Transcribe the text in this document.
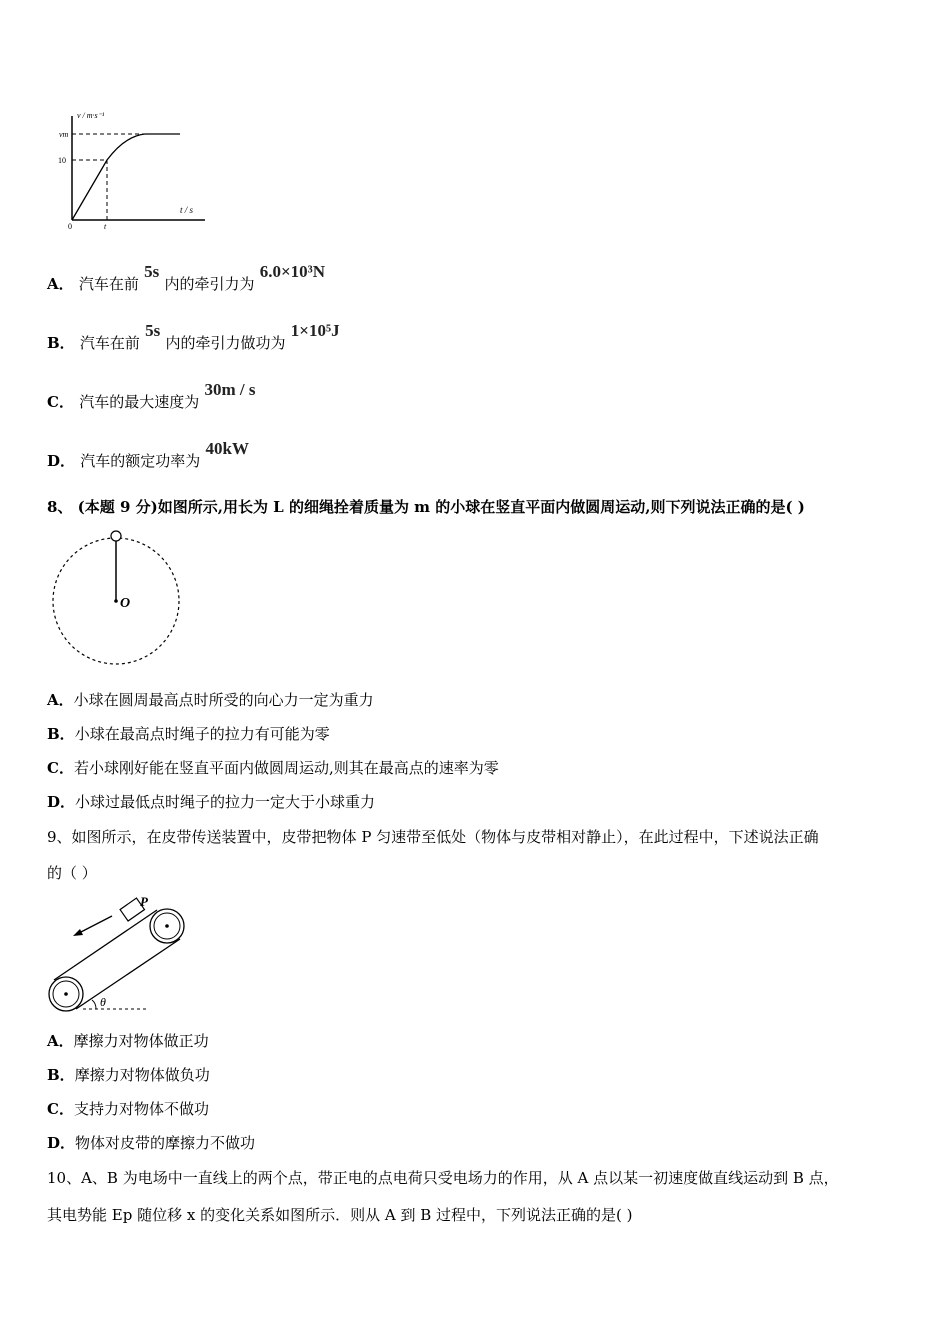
v / m·s⁻¹
vm
10
t / s
0	t
A． 汽车在前 5s 内的牵引力为 6.0×10³N
B． 汽车在前 5s 内的牵引力做功为 1×10⁵J
C． 汽车的最大速度为 30m / s
D． 汽车的额定功率为 40kW
8、 (本题 9 分)如图所示,用长为 L 的细绳拴着质量为 m 的小球在竖直平面内做圆周运动,则下列说法正确的是( )
O
A．小球在圆周最高点时所受的向心力一定为重力
B．小球在最高点时绳子的拉力有可能为零
C．若小球刚好能在竖直平面内做圆周运动,则其在最高点的速率为零
D．小球过最低点时绳子的拉力一定大于小球重力
9、如图所示，在皮带传送装置中，皮带把物体 P 匀速带至低处（物体与皮带相对静止），在此过程中，下述说法正确
的（ ）
P
θ
A．摩擦力对物体做正功
B．摩擦力对物体做负功
C．支持力对物体不做功
D．物体对皮带的摩擦力不做功
10、A、B 为电场中一直线上的两个点，带正电的点电荷只受电场力的作用，从 A 点以某一初速度做直线运动到 B 点，
其电势能 Ep 随位移 x 的变化关系如图所示．则从 A 到 B 过程中，下列说法正确的是( )
